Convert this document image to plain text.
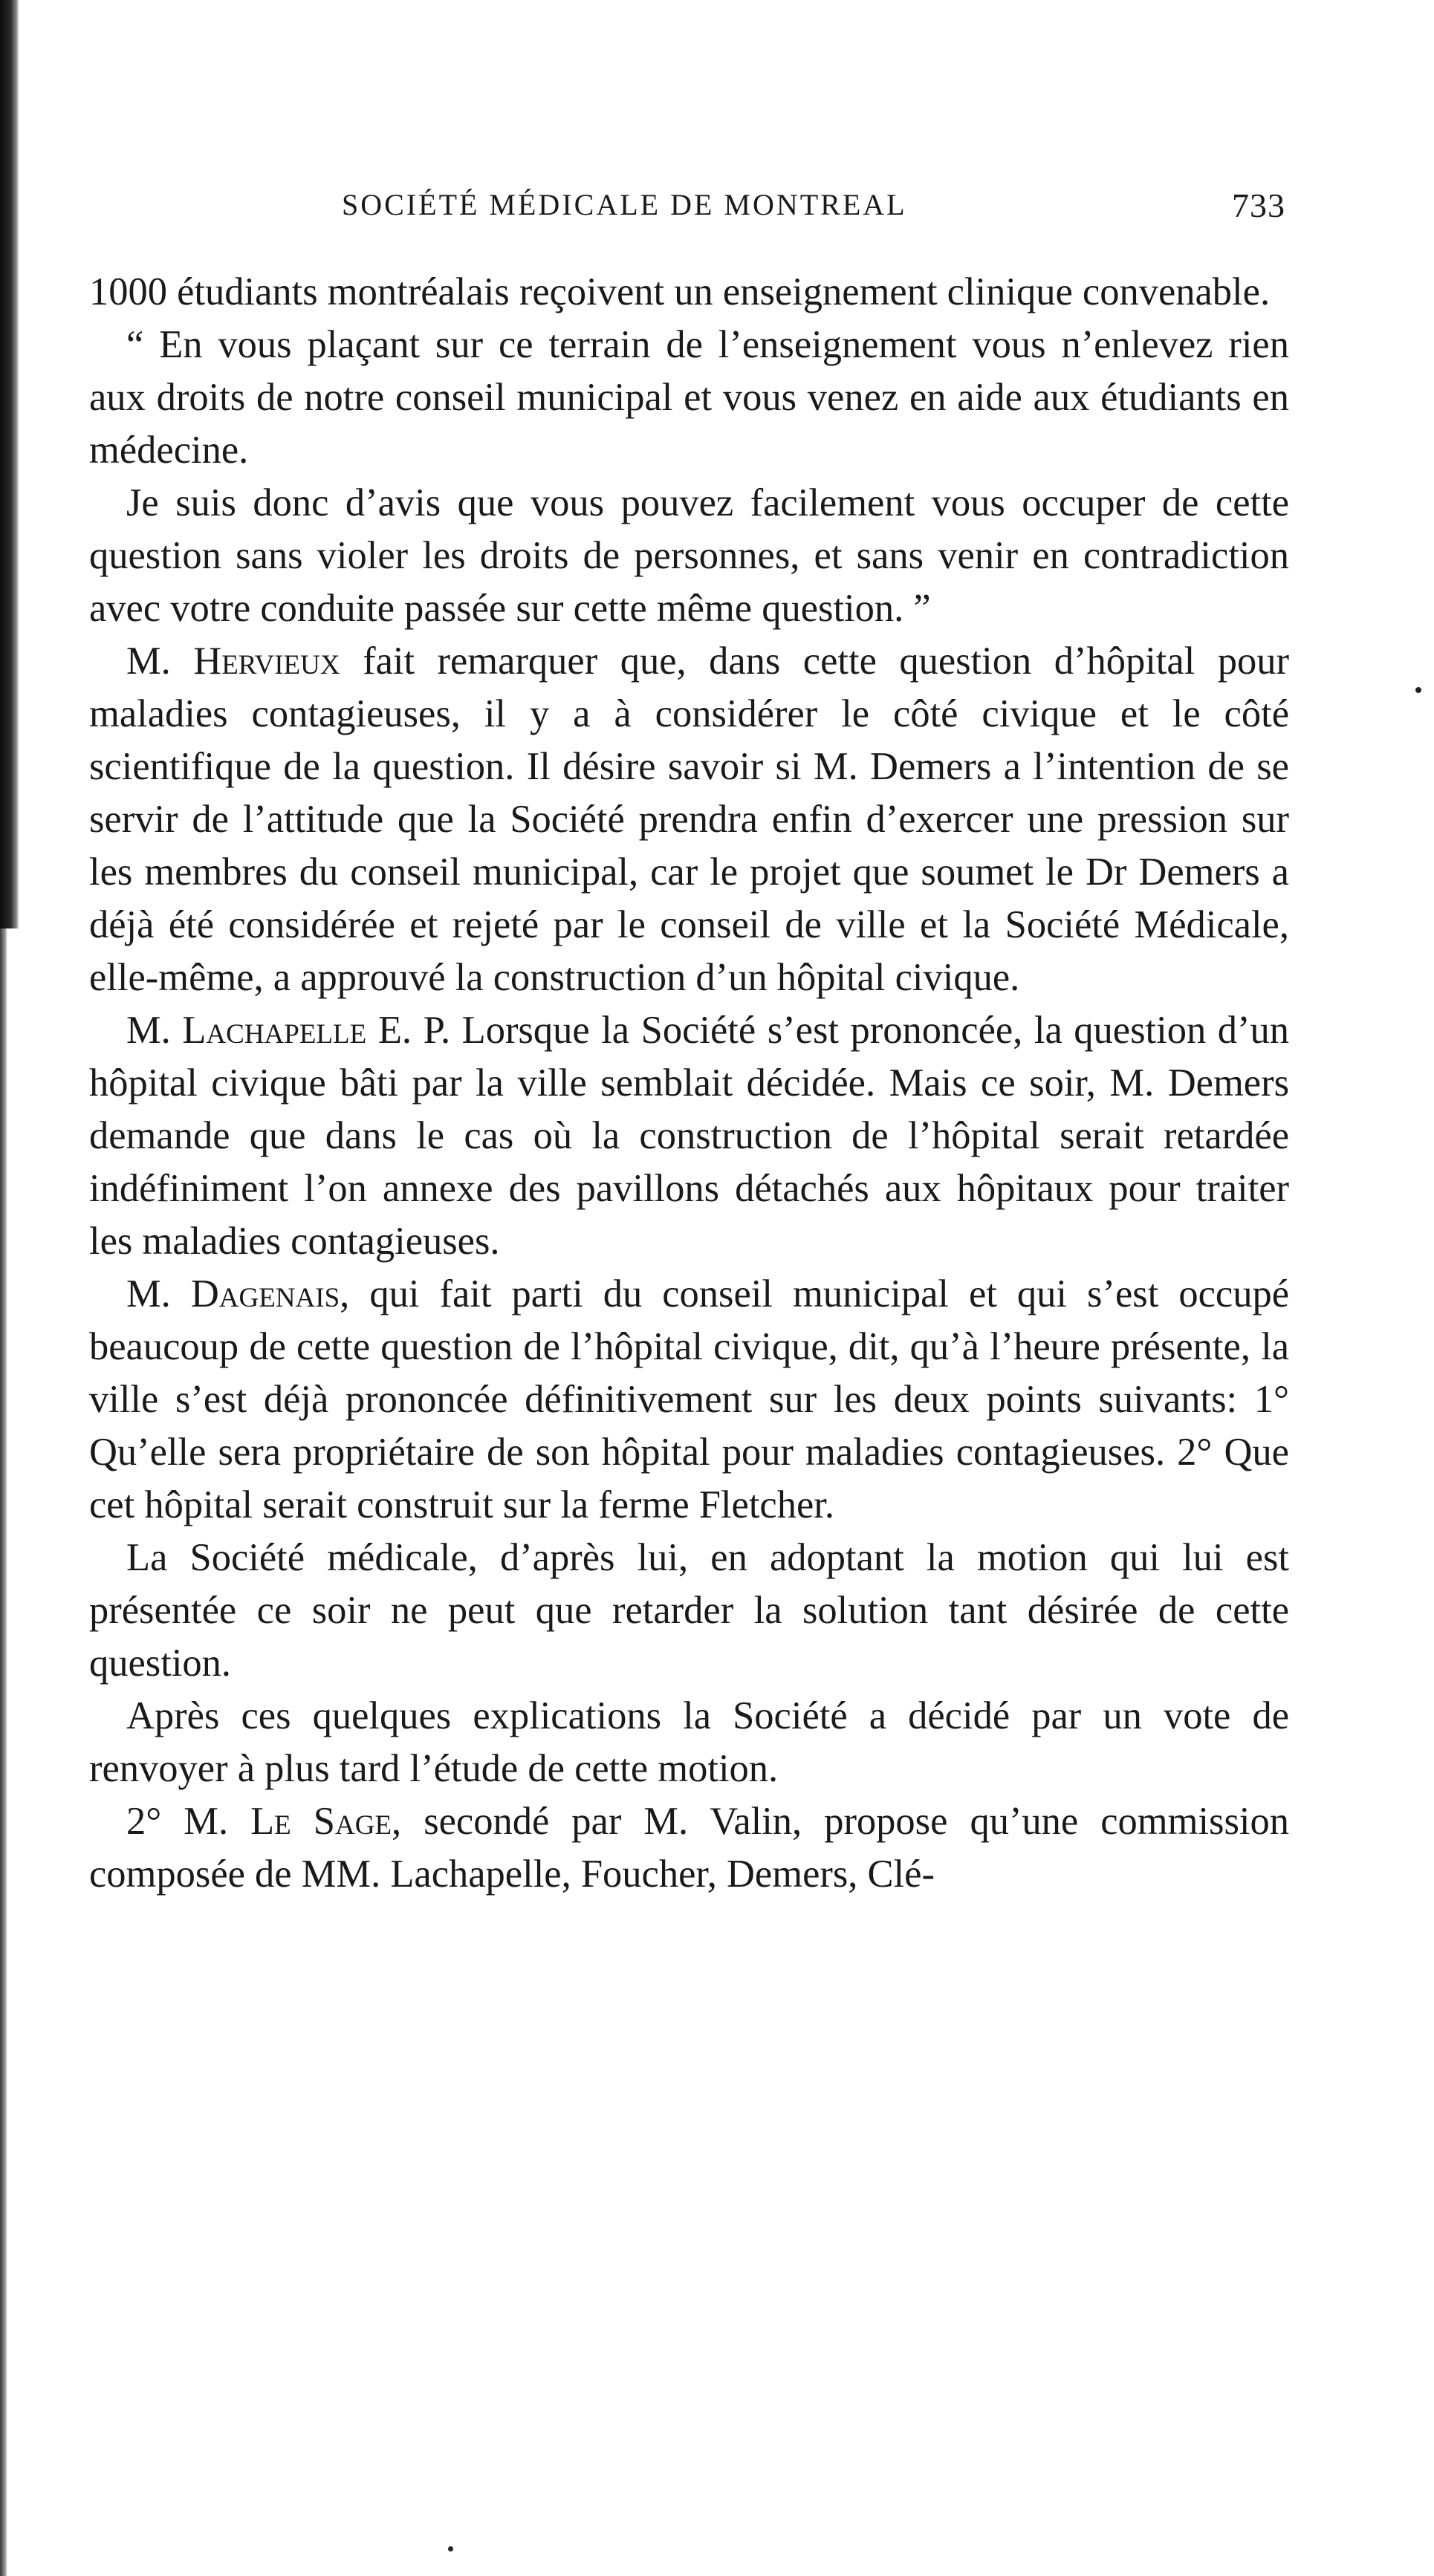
SOCIÉTÉ MÉDICALE DE MONTREAL	733

1000 étudiants montréalais reçoivent un enseignement clinique convenable.

“ En vous plaçant sur ce terrain de l’enseignement vous n’enlevez rien aux droits de notre conseil municipal et vous venez en aide aux étudiants en médecine.

Je suis donc d’avis que vous pouvez facilement vous occuper de cette question sans violer les droits de personnes, et sans venir en contradiction avec votre conduite passée sur cette même question. ”

M. Hervieux fait remarquer que, dans cette question d’hôpital pour maladies contagieuses, il y a à considérer le côté civique et le côté scientifique de la question. Il désire savoir si M. Demers a l’intention de se servir de l’attitude que la Société prendra enfin d’exercer une pression sur les membres du conseil municipal, car le projet que soumet le Dr Demers a déjà été considérée et rejeté par le conseil de ville et la Société Médicale, elle-même, a approuvé la construction d’un hôpital civique.

M. Lachapelle E. P. Lorsque la Société s’est prononcée, la question d’un hôpital civique bâti par la ville semblait décidée. Mais ce soir, M. Demers demande que dans le cas où la construction de l’hôpital serait retardée indéfiniment l’on annexe des pavillons détachés aux hôpitaux pour traiter les maladies contagieuses.

M. Dagenais, qui fait parti du conseil municipal et qui s’est occupé beaucoup de cette question de l’hôpital civique, dit, qu’à l’heure présente, la ville s’est déjà prononcée définitivement sur les deux points suivants: 1° Qu’elle sera propriétaire de son hôpital pour maladies contagieuses. 2° Que cet hôpital serait construit sur la ferme Fletcher.

La Société médicale, d’après lui, en adoptant la motion qui lui est présentée ce soir ne peut que retarder la solution tant désirée de cette question.

Après ces quelques explications la Société a décidé par un vote de renvoyer à plus tard l’étude de cette motion.

2° M. Le Sage, secondé par M. Valin, propose qu’une commission composée de MM. Lachapelle, Foucher, Demers, Clé-
